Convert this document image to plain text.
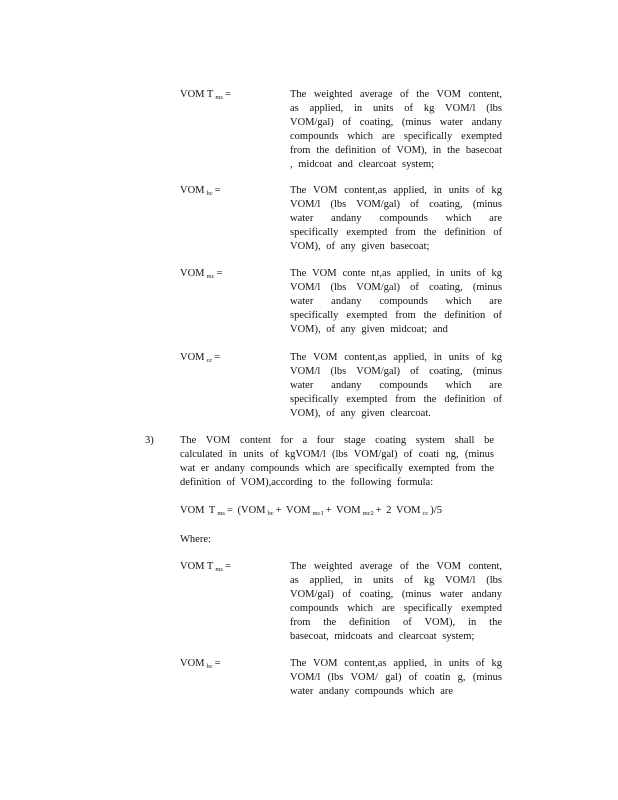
VOM T ms =	The weighted average of the VOM content, as applied, in units of kg VOM/l (lbs VOM/gal) of coating, (minus water andany compounds which are specifically exempted from the definition of VOM), in the basecoat , midcoat and clearcoat system;
VOM bc =	The VOM content,as applied, in units of kg VOM/l (lbs VOM/gal) of coating, (minus water andany compounds which are specifically exempted from the definition of VOM), of any given basecoat;
VOM mc =	The VOM conte nt,as applied, in units of kg VOM/l (lbs VOM/gal) of coating, (minus water andany compounds which are specifically exempted from the definition of VOM), of any given midcoat; and
VOM cc =	The VOM content,as applied, in units of kg VOM/l (lbs VOM/gal) of coating, (minus water andany compounds which are specifically exempted from the definition of VOM), of any given clearcoat.
3)	The VOM content for a four stage coating system shall be calculated in units of kgVOM/l (lbs VOM/gal) of coati ng, (minus wat er andany compounds which are specifically exempted from the definition of VOM),according to the following formula:
VOM T ms = (VOM bc + VOM mc1 + VOM mc2 + 2 VOM cc )/5
Where:
VOM T ms =	The weighted average of the VOM content, as applied, in units of kg VOM/l (lbs VOM/gal) of coating, (minus water andany compounds which are specifically exempted from the definition of VOM), in the basecoat, midcoats and clearcoat system;
VOM bc =	The VOM content,as applied, in units of kg VOM/l (lbs VOM/ gal) of coatin g, (minus water andany compounds which are
